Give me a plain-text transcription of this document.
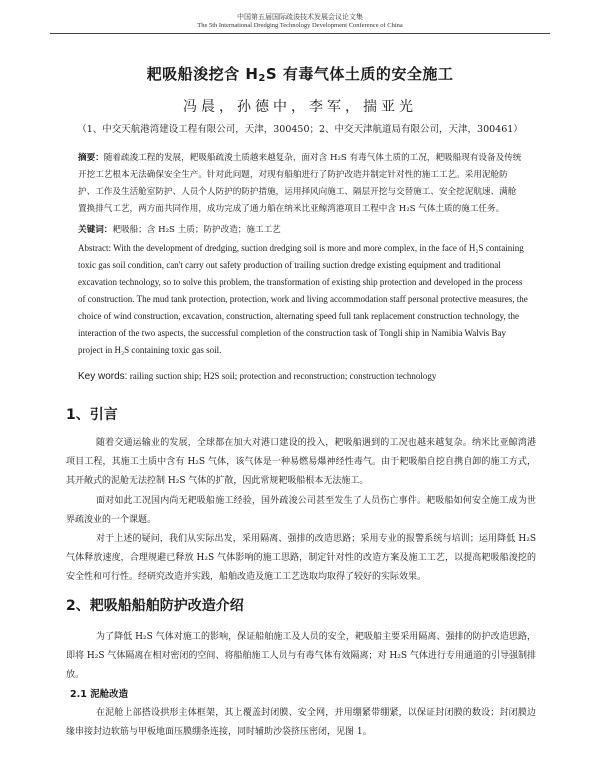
中国第五届国际疏浚技术发展会议论文集
The 5th International Dredging Technology Development Conference of China
耙吸船浚挖含 $H_2S$ 有毒气体土质的安全施工
冯晨，孙德中，李军，揣亚光
（1、中交天航港湾建设工程有限公司，天津，300450；2、中交天津航道局有限公司，天津，300461）

摘要：随着疏浚工程的发展，耙吸船疏浚土质越来越复杂，面对含 H₂S 有毒气体土质的工况，耙吸船现有设备及传统开挖工艺根本无法确保安全生产。针对此问题，对现有船舶进行了防护改造并制定针对性的施工工艺。采用泥舱防护、工作及生活舱室防护、人员个人防护的防护措施，运用择风向施工、隔层开挖与交替施工、安全挖泥航速、满舱置换排气工艺，两方面共同作用，成功完成了通力船在纳米比亚鲸湾港项目工程中含 H₂S 气体土质的施工任务。

关键词：耙吸船；含 H₂S 土质；防护改造；施工工艺

Abstract: With the development of dredging, suction dredging soil is more and more complex, in the face of H₂S containing toxic gas soil condition, can't carry out safety production of trailing suction dredge existing equipment and traditional excavation technology, so to solve this problem, the transformation of existing ship protection and developed in the process of construction. The mud tank protection, protection, work and living accommodation staff personal protective measures, the choice of wind construction, excavation, construction, alternating speed full tank replacement construction technology, the interaction of the two aspects, the successful completion of the construction task of Tongli ship in Namibia Walvis Bay project in H₂S containing toxic gas soil.

Key words: railing suction ship; H2S soil; protection and reconstruction; construction technology
1、引言

随着交通运输业的发展，全球都在加大对港口建设的投入，耙吸船遇到的工况也越来越复杂。纳米比亚鲸湾港项目工程，其施工土质中含有 H₂S 气体，该气体是一种易燃易爆神经性毒气。由于耙吸船自挖自携自卸的施工方式，其开敞式的泥舱无法控制 H₂S 气体的扩散，因此常规耙吸船根本无法施工。

面对如此工况国内尚无耙吸船施工经验，国外疏浚公司甚至发生了人员伤亡事件。耙吸船如何安全施工成为世界疏浚业的一个课题。

对于上述的疑问，我们从实际出发，采用隔离、强排的改造思路；采用专业的报警系统与培训；运用降低 H₂S 气体释放速度，合理规避已释放 H₂S 气体影响的施工思路，制定针对性的改造方案及施工工艺，以提高耙吸船浚挖的安全性和可行性。经研究改造并实践，船舶改造及施工工艺选取均取得了较好的实际效果。

2、耙吸船船舶防护改造介绍

为了降低 H₂S 气体对施工的影响，保证船舶施工及人员的安全，耙吸船主要采用隔离、强排的防护改造思路，即将 H₂S 气体隔离在相对密闭的空间、将船舶施工人员与有毒气体有效隔离；对 H₂S 气体进行专用通道的引导强制排放。

2.1 泥舱改造

在泥舱上部搭设拱形主体框架，其上覆盖封闭膜、安全网，并用绷紧带绷紧，以保证封闭膜的数设；封闭膜边缘串接封边软筋与甲板地面压膜绷条连接，同时辅助沙袋挤压密闭，见图 1。
